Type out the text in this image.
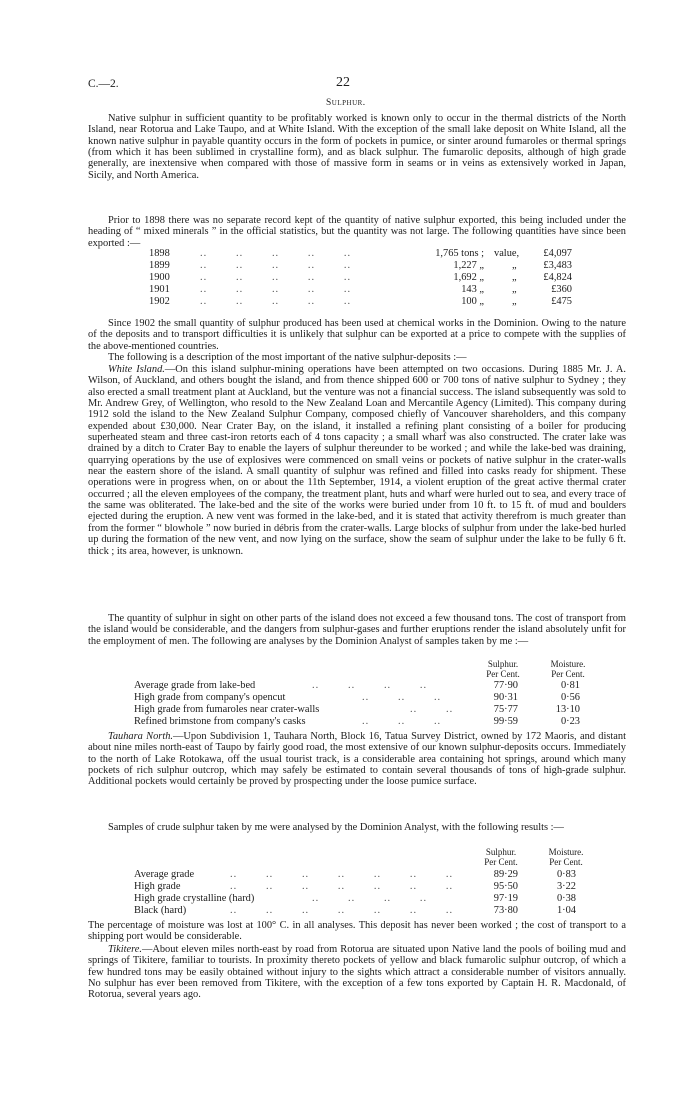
C.—2.	22
Sulphur.
Native sulphur in sufficient quantity to be profitably worked is known only to occur in the thermal districts of the North Island, near Rotorua and Lake Taupo, and at White Island. With the exception of the small lake deposit on White Island, all the known native sulphur in payable quantity occurs in the form of pockets in pumice, or sinter around fumaroles or thermal springs (from which it has been sublimed in crystalline form), and as black sulphur. The fumarolic deposits, although of high grade generally, are inextensive when compared with those of massive form in seams or in veins as extensively worked in Japan, Sicily, and North America.
Prior to 1898 there was no separate record kept of the quantity of native sulphur exported, this being included under the heading of “ mixed minerals ” in the official statistics, but the quantity was not large. The following quantities have since been exported :—
1898	..        ..        ..        ..        ..	1,765 tons ; value,	£4,097
1899	..        ..        ..        ..        ..	1,227 „	„	£3,483
1900	..        ..        ..        ..        ..	1,692 „	„	£4,824
1901	..        ..        ..        ..        ..	143 „	„	£360
1902	..        ..        ..        ..        ..	100 „	„	£475
Since 1902 the small quantity of sulphur produced has been used at chemical works in the Dominion. Owing to the nature of the deposits and to transport difficulties it is unlikely that sulphur can be exported at a price to compete with the supplies of the above-mentioned countries.
The following is a description of the most important of the native sulphur-deposits :—
White Island.—On this island sulphur-mining operations have been attempted on two occasions. During 1885 Mr. J. A. Wilson, of Auckland, and others bought the island, and from thence shipped 600 or 700 tons of native sulphur to Sydney ; they also erected a small treatment plant at Auckland, but the venture was not a financial success. The island subsequently was sold to Mr. Andrew Grey, of Wellington, who resold to the New Zealand Loan and Mercantile Agency (Limited). This company during 1912 sold the island to the New Zealand Sulphur Company, composed chiefly of Vancouver shareholders, and this company expended about £30,000. Near Crater Bay, on the island, it installed a refining plant consisting of a boiler for producing superheated steam and three cast-iron retorts each of 4 tons capacity ; a small wharf was also constructed. The crater lake was drained by a ditch to Crater Bay to enable the layers of sulphur thereunder to be worked ; and while the lake-bed was draining, quarrying operations by the use of explosives were commenced on small veins or pockets of native sulphur in the crater-walls near the eastern shore of the island. A small quantity of sulphur was refined and filled into casks ready for shipment. These operations were in progress when, on or about the 11th September, 1914, a violent eruption of the great active thermal crater occurred ; all the eleven employees of the company, the treatment plant, huts and wharf were hurled out to sea, and every trace of the same was obliterated. The lake-bed and the site of the works were buried under from 10 ft. to 15 ft. of mud and boulders ejected during the eruption. A new vent was formed in the lake-bed, and it is stated that activity therefrom is much greater than from the former “ blowhole ” now buried in débris from the crater-walls. Large blocks of sulphur from under the lake-bed hurled up during the formation of the new vent, and now lying on the surface, show the seam of sulphur under the lake to be fully 6 ft. thick ; its area, however, is unknown.
The quantity of sulphur in sight on other parts of the island does not exceed a few thousand tons. The cost of transport from the island would be considerable, and the dangers from sulphur-gases and further eruptions render the island absolutely unfit for the employment of men. The following are analyses by the Dominion Analyst of samples taken by me :—
Sulphur.	Moisture.
Per Cent.	Per Cent.
Average grade from lake-bed	..        ..        ..        ..	77·90	0·81
High grade from company's opencut	..        ..        ..	90·31	0·56
High grade from fumaroles near crater-walls	..        ..	75·77	13·10
Refined brimstone from company's casks	..        ..        ..	99·59	0·23
Tauhara North.—Upon Subdivision 1, Tauhara North, Block 16, Tatua Survey District, owned by 172 Maoris, and distant about nine miles north-east of Taupo by fairly good road, the most extensive of our known sulphur-deposits occurs. Immediately to the north of Lake Rotokawa, off the usual tourist track, is a considerable area containing hot springs, around which many pockets of rich sulphur outcrop, which may safely be estimated to contain several thousands of tons of high-grade sulphur. Additional pockets would certainly be proved by prospecting under the loose pumice surface.
Samples of crude sulphur taken by me were analysed by the Dominion Analyst, with the following results :—
Sulphur.	Moisture.
Per Cent.	Per Cent.
Average grade	..        ..        ..        ..        ..        ..        ..	89·29	0·83
High grade	..        ..        ..        ..        ..        ..        ..	95·50	3·22
High grade crystalline (hard)	..        ..        ..        ..	97·19	0·38
Black (hard)	..        ..        ..        ..        ..        ..        ..	73·80	1·04
The percentage of moisture was lost at 100° C. in all analyses. This deposit has never been worked ; the cost of transport to a shipping port would be considerable.
Tikitere.—About eleven miles north-east by road from Rotorua are situated upon Native land the pools of boiling mud and springs of Tikitere, familiar to tourists. In proximity thereto pockets of yellow and black fumarolic sulphur outcrop, of which a few hundred tons may be easily obtained without injury to the sights which attract a considerable number of visitors annually. No sulphur has ever been removed from Tikitere, with the exception of a few tons exported by Captain H. R. Macdonald, of Rotorua, several years ago.
